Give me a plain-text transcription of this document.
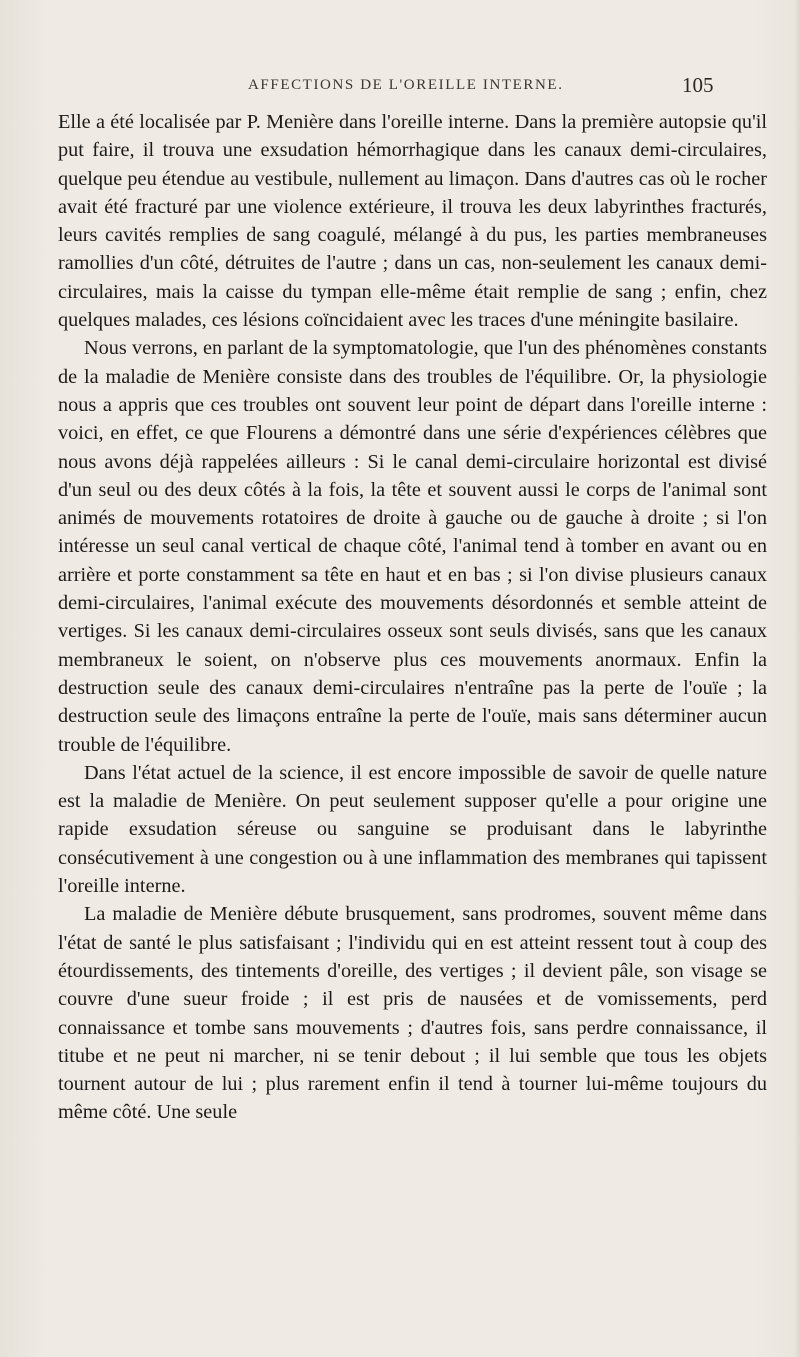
AFFECTIONS DE L'OREILLE INTERNE.	105

Elle a été localisée par P. Menière dans l'oreille interne. Dans la première autopsie qu'il put faire, il trouva une exsudation hémorrhagique dans les canaux demi-circulaires, quelque peu étendue au vestibule, nullement au limaçon. Dans d'autres cas où le rocher avait été fracturé par une violence extérieure, il trouva les deux labyrinthes fracturés, leurs cavités remplies de sang coagulé, mélangé à du pus, les parties membraneuses ramollies d'un côté, détruites de l'autre ; dans un cas, non-seulement les canaux demi-circulaires, mais la caisse du tympan elle-même était remplie de sang ; enfin, chez quelques malades, ces lésions coïncidaient avec les traces d'une méningite basilaire.

Nous verrons, en parlant de la symptomatologie, que l'un des phénomènes constants de la maladie de Menière consiste dans des troubles de l'équilibre. Or, la physiologie nous a appris que ces troubles ont souvent leur point de départ dans l'oreille interne : voici, en effet, ce que Flourens a démontré dans une série d'expériences célèbres que nous avons déjà rappelées ailleurs : Si le canal demi-circulaire horizontal est divisé d'un seul ou des deux côtés à la fois, la tête et souvent aussi le corps de l'animal sont animés de mouvements rotatoires de droite à gauche ou de gauche à droite ; si l'on intéresse un seul canal vertical de chaque côté, l'animal tend à tomber en avant ou en arrière et porte constamment sa tête en haut et en bas ; si l'on divise plusieurs canaux demi-circulaires, l'animal exécute des mouvements désordonnés et semble atteint de vertiges. Si les canaux demi-circulaires osseux sont seuls divisés, sans que les canaux membraneux le soient, on n'observe plus ces mouvements anormaux. Enfin la destruction seule des canaux demi-circulaires n'entraîne pas la perte de l'ouïe ; la destruction seule des limaçons entraîne la perte de l'ouïe, mais sans déterminer aucun trouble de l'équilibre.

Dans l'état actuel de la science, il est encore impossible de savoir de quelle nature est la maladie de Menière. On peut seulement supposer qu'elle a pour origine une rapide exsudation séreuse ou sanguine se produisant dans le labyrinthe consécutivement à une congestion ou à une inflammation des membranes qui tapissent l'oreille interne.

La maladie de Menière débute brusquement, sans prodromes, souvent même dans l'état de santé le plus satisfaisant ; l'individu qui en est atteint ressent tout à coup des étourdissements, des tintements d'oreille, des vertiges ; il devient pâle, son visage se couvre d'une sueur froide ; il est pris de nausées et de vomissements, perd connaissance et tombe sans mouvements ; d'autres fois, sans perdre connaissance, il titube et ne peut ni marcher, ni se tenir debout ; il lui semble que tous les objets tournent autour de lui ; plus rarement enfin il tend à tourner lui-même toujours du même côté. Une seule
